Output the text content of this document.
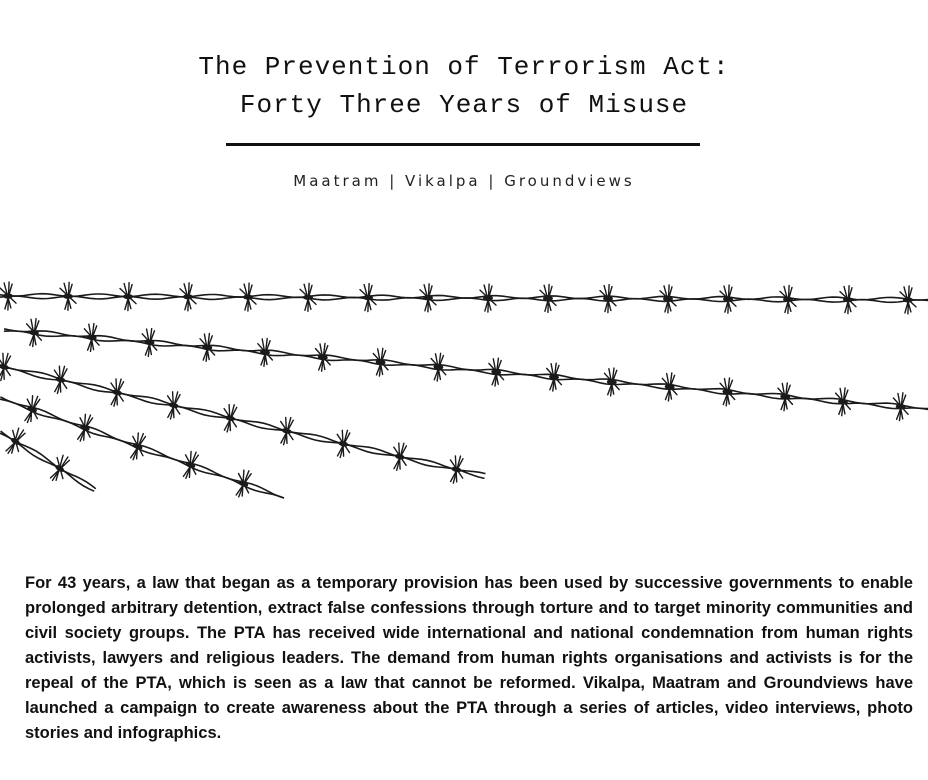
The Prevention of Terrorism Act:
Forty Three Years of Misuse
Maatram | Vikalpa | Groundviews

For 43 years, a law that began as a temporary provision has been used by successive governments to enable prolonged arbitrary detention, extract false confessions through torture and to target minority communities and civil society groups. The PTA has received wide international and national condemnation from human rights activists, lawyers and religious leaders. The demand from human rights organisations and activists is for the repeal of the PTA, which is seen as a law that cannot be reformed. Vikalpa, Maatram and Groundviews have launched a campaign to create awareness about the PTA through a series of articles, video interviews, photo stories and infographics.
